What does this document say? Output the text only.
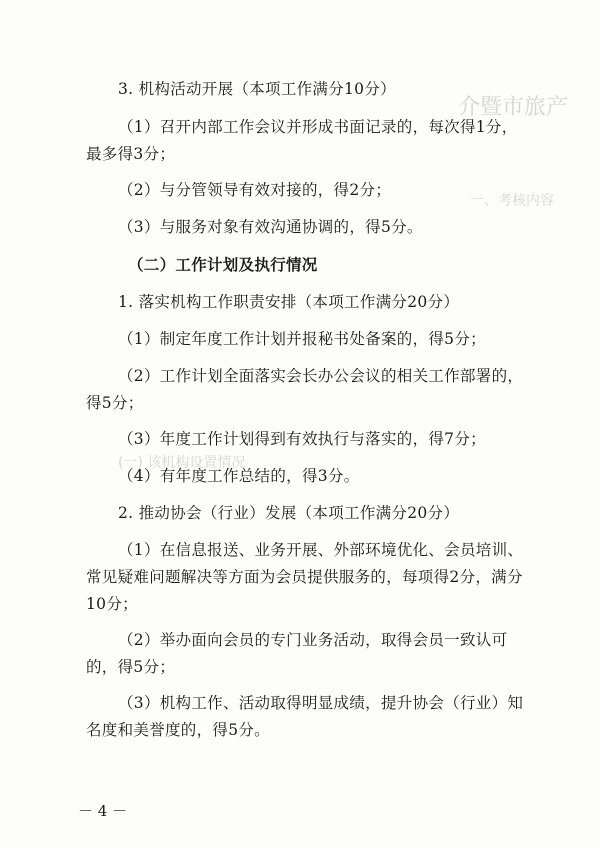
介暨市旅产
一、考核内容
(一) 该机构设置情况
3. 机构活动开展（本项工作满分10分）
（1）召开内部工作会议并形成书面记录的，每次得1分，最多得3分；
（2）与分管领导有效对接的，得2分；
（3）与服务对象有效沟通协调的，得5分。
（二）工作计划及执行情况
1. 落实机构工作职责安排（本项工作满分20分）
（1）制定年度工作计划并报秘书处备案的，得5分；
（2）工作计划全面落实会长办公会议的相关工作部署的，得5分；
（3）年度工作计划得到有效执行与落实的，得7分；
（4）有年度工作总结的，得3分。
2. 推动协会（行业）发展（本项工作满分20分）
（1）在信息报送、业务开展、外部环境优化、会员培训、常见疑难问题解决等方面为会员提供服务的，每项得2分，满分10分；
（2）举办面向会员的专门业务活动，取得会员一致认可的，得5分；
（3）机构工作、活动取得明显成绩，提升协会（行业）知名度和美誉度的，得5分。
－ 4 －
